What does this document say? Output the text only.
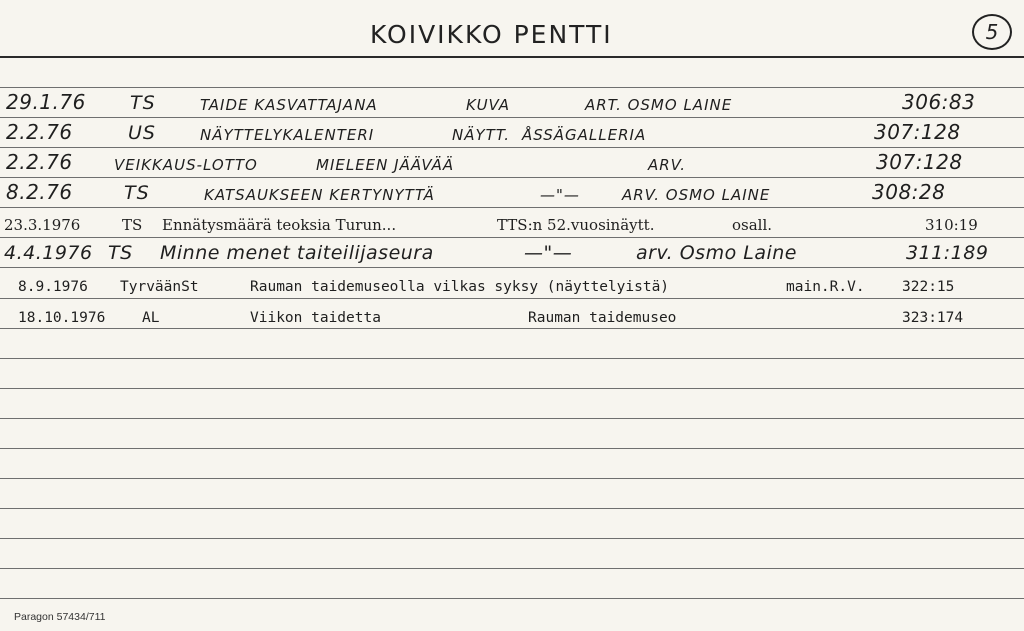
KOIVIKKO PENTTI	5
29.1.76 TS	TAIDE KASVATTAJANA	KUVA	ART. OSMO LAINE	306:83
2.2.76	US	NÄYTTELYKALENTERI	NÄYTT. ÅSSÄGALLERIA	307:128
2.2.76	VEIKKAUS-LOTTO	MIELEEN JÄÄVÄÄ	ARV.	307:128
8.2.76	TS	KATSAUKSEEN KERTYNYTTÄ	—"—	ARV. OSMO LAINE	308:28
23.3.1976	TS Ennätysmäärä teoksia Turun...	TTS:n 52.vuosinäytt.	osall.	310:19
4.4.1976 TS Minne menet taiteilijaseura	—"—	arv. Osmo Laine	311:189
8.9.1976 TyrväänSt	Rauman taidemuseolla vilkas syksy (näyttelyistä)	main.R.V.	322:15
18.10.1976	AL	Viikon taidetta	Rauman taidemuseo	323:174
Paragon 57434/711
